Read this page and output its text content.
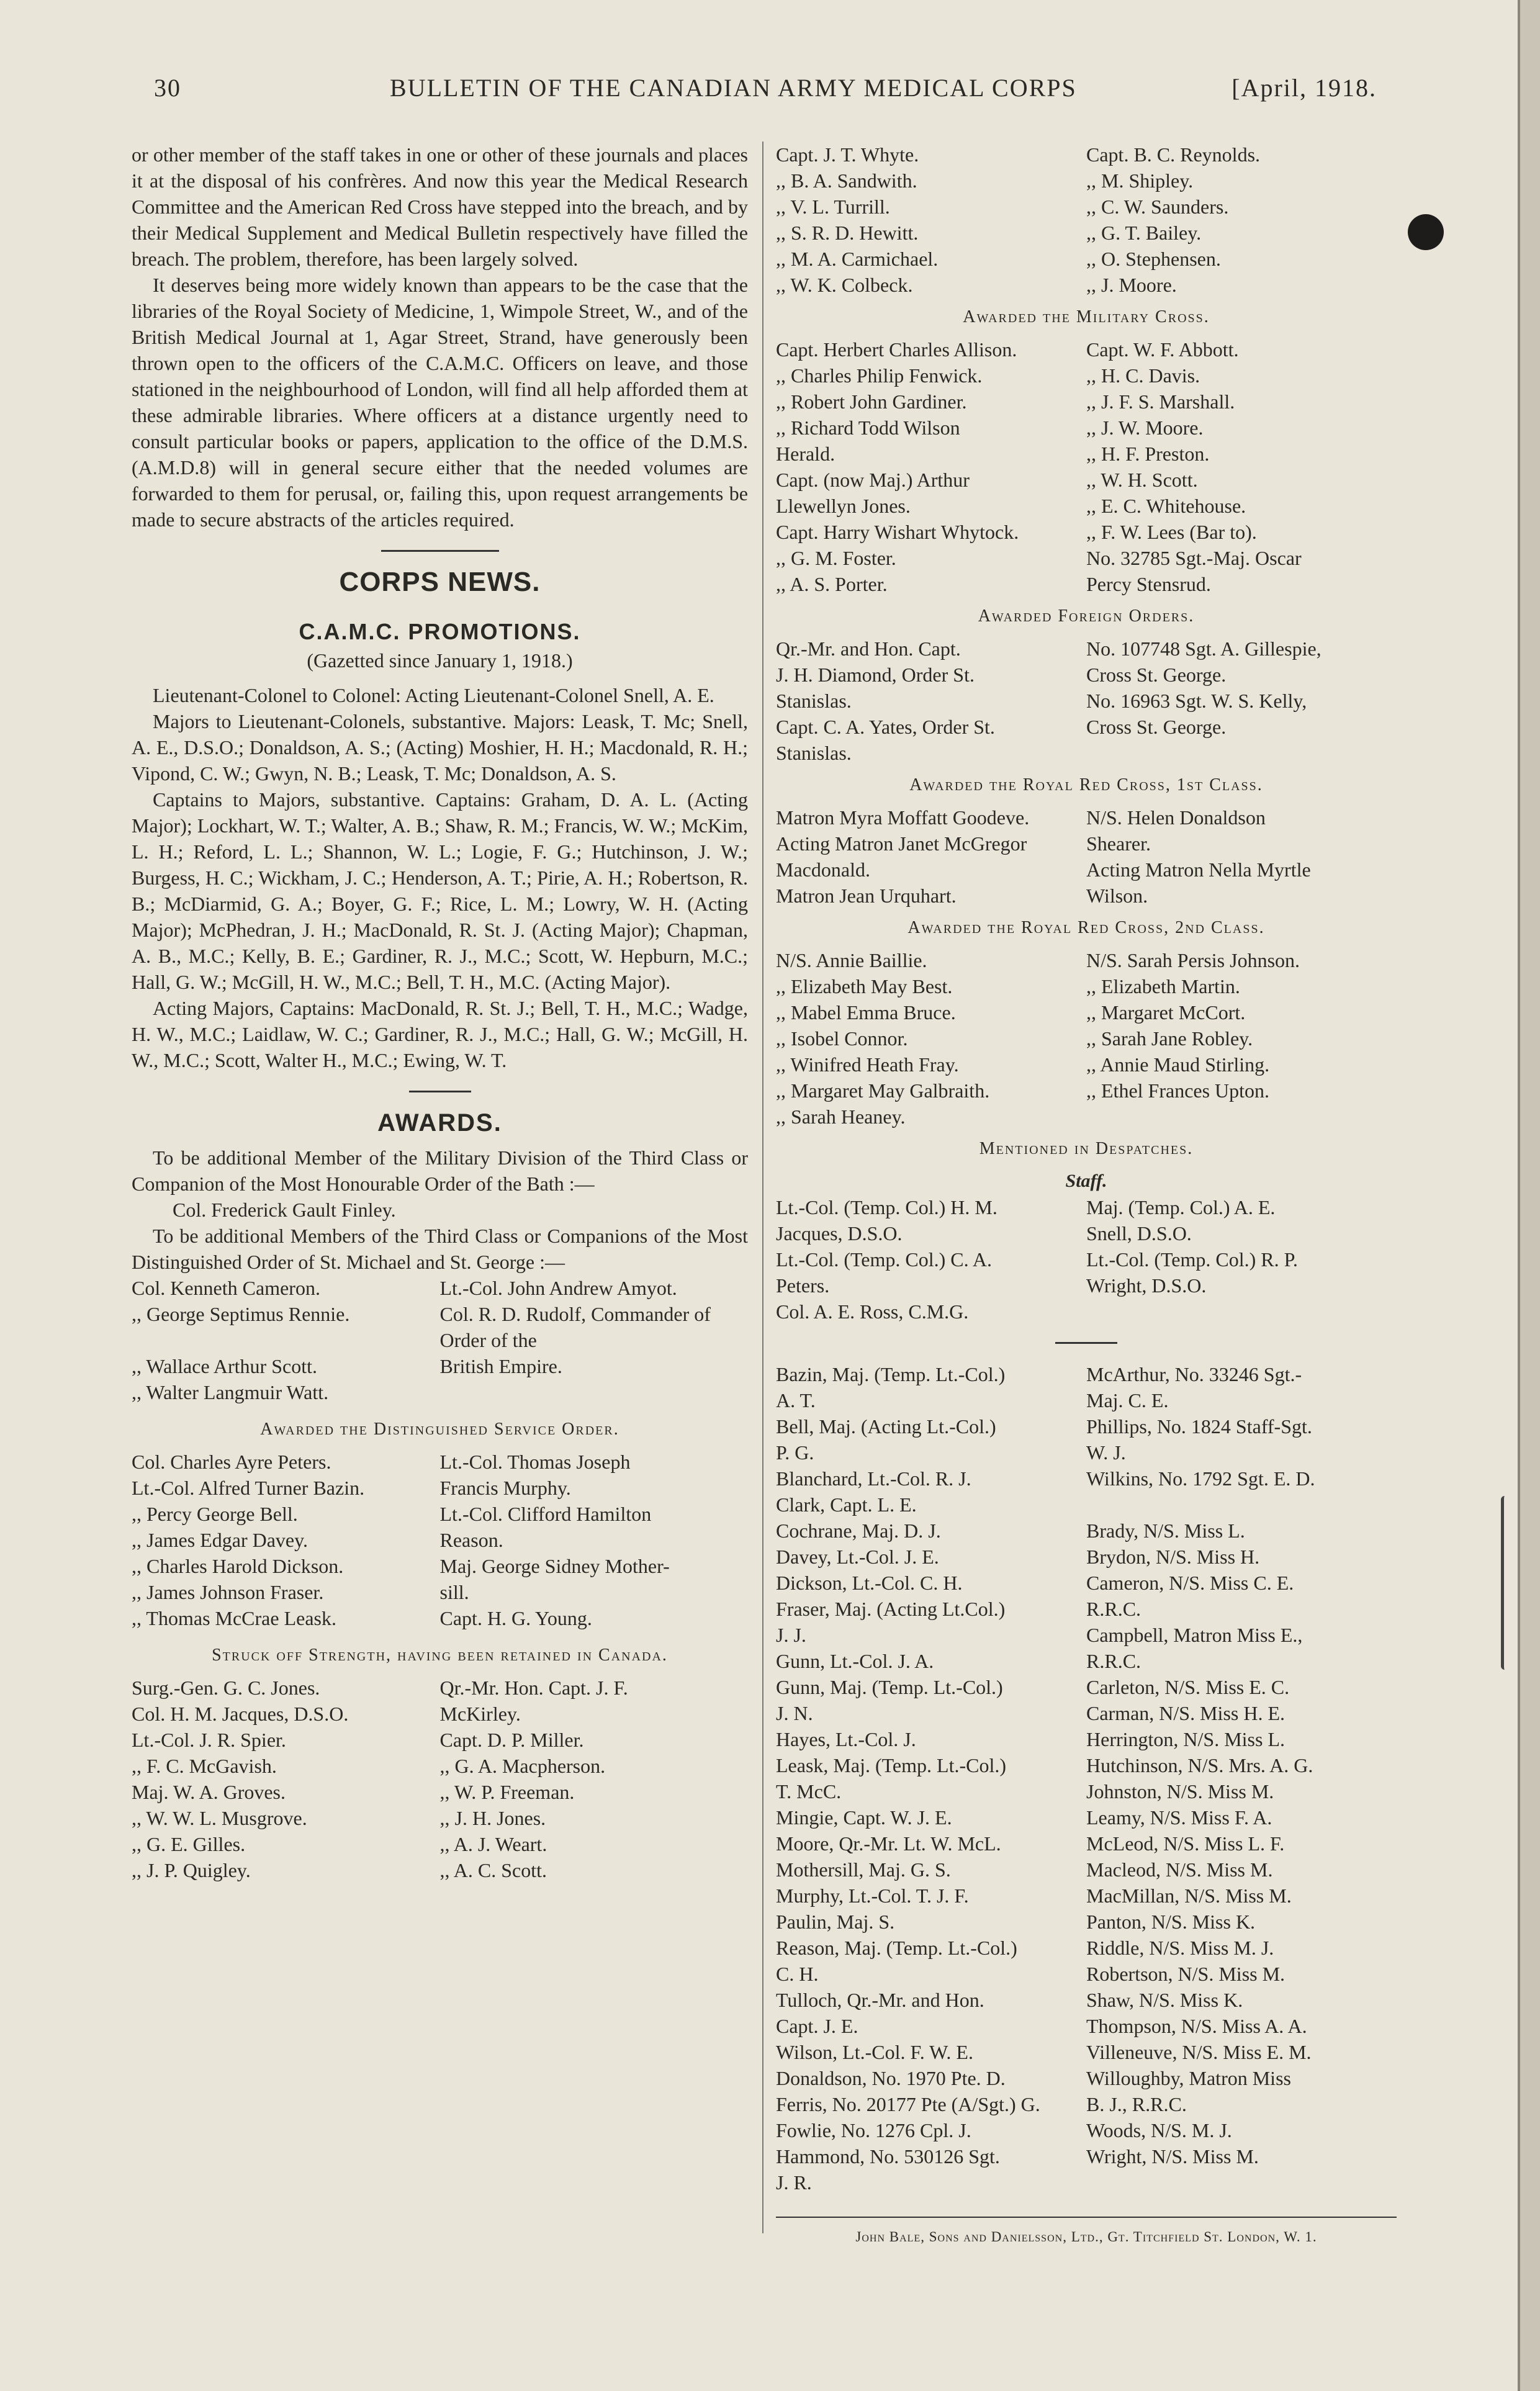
30	BULLETIN OF THE CANADIAN ARMY MEDICAL CORPS	[April, 1918.

or other member of the staff takes in one or other of these journals and places it at the disposal of his confrères. And now this year the Medical Research Committee and the American Red Cross have stepped into the breach, and by their Medical Supplement and Medical Bulletin respectively have filled the breach. The problem, therefore, has been largely solved.

It deserves being more widely known than appears to be the case that the libraries of the Royal Society of Medicine, 1, Wimpole Street, W., and of the British Medical Journal at 1, Agar Street, Strand, have generously been thrown open to the officers of the C.A.M.C. Officers on leave, and those stationed in the neighbourhood of London, will find all help afforded them at these admirable libraries. Where officers at a distance urgently need to consult particular books or papers, application to the office of the D.M.S. (A.M.D.8) will in general secure either that the needed volumes are forwarded to them for perusal, or, failing this, upon request arrangements be made to secure abstracts of the articles required.

CORPS NEWS.
C.A.M.C. PROMOTIONS.

(Gazetted since January 1, 1918.)

Lieutenant-Colonel to Colonel: Acting Lieutenant-Colonel Snell, A. E.

Majors to Lieutenant-Colonels, substantive. Majors: Leask, T. Mc; Snell, A. E., D.S.O.; Donaldson, A. S.; (Acting) Moshier, H. H.; Macdonald, R. H.; Vipond, C. W.; Gwyn, N. B.; Leask, T. Mc; Donaldson, A. S.

Captains to Majors, substantive. Captains: Graham, D. A. L. (Acting Major); Lockhart, W. T.; Walter, A. B.; Shaw, R. M.; Francis, W. W.; McKim, L. H.; Reford, L. L.; Shannon, W. L.; Logie, F. G.; Hutchinson, J. W.; Burgess, H. C.; Wickham, J. C.; Henderson, A. T.; Pirie, A. H.; Robertson, R. B.; McDiarmid, G. A.; Boyer, G. F.; Rice, L. M.; Lowry, W. H. (Acting Major); McPhedran, J. H.; MacDonald, R. St. J. (Acting Major); Chapman, A. B., M.C.; Kelly, B. E.; Gardiner, R. J., M.C.; Scott, W. Hepburn, M.C.; Hall, G. W.; McGill, H. W., M.C.; Bell, T. H., M.C. (Acting Major).

Acting Majors, Captains: MacDonald, R. St. J.; Bell, T. H., M.C.; Wadge, H. W., M.C.; Laidlaw, W. C.; Gardiner, R. J., M.C.; Hall, G. W.; McGill, H. W., M.C.; Scott, Walter H., M.C.; Ewing, W. T.

AWARDS.

To be additional Member of the Military Division of the Third Class or Companion of the Most Honourable Order of the Bath :—

Col. Frederick Gault Finley.

To be additional Members of the Third Class or Companions of the Most Distinguished Order of St. Michael and St. George :—

Col. Kenneth Cameron.	Lt.-Col. John Andrew Amyot.
,, George Septimus Rennie.	Col. R. D. Rudolf, Commander of Order of the
,, Wallace Arthur Scott.	British Empire.
,, Walter Langmuir Watt.
Awarded the Distinguished Service Order.
Col. Charles Ayre Peters.	Lt.-Col. Thomas Joseph
Lt.-Col. Alfred Turner Bazin.	Francis Murphy.
,, Percy George Bell.	Lt.-Col. Clifford Hamilton
,, James Edgar Davey.	Reason.
,, Charles Harold Dickson.	Maj. George Sidney Mother-
,, James Johnson Fraser.	sill.
,, Thomas McCrae Leask.	Capt. H. G. Young.
Struck off Strength, having been retained in Canada.
Surg.-Gen. G. C. Jones.	Qr.-Mr. Hon. Capt. J. F.
Col. H. M. Jacques, D.S.O.	McKirley.
Lt.-Col. J. R. Spier.	Capt. D. P. Miller.
,, F. C. McGavish.	,, G. A. Macpherson.
Maj. W. A. Groves.	,, W. P. Freeman.
,, W. W. L. Musgrove.	,, J. H. Jones.
,, G. E. Gilles.	,, A. J. Weart.
,, J. P. Quigley.	,, A. C. Scott.
Capt. J. T. Whyte.	Capt. B. C. Reynolds.
,, B. A. Sandwith.	,, M. Shipley.
,, V. L. Turrill.	,, C. W. Saunders.
,, S. R. D. Hewitt.	,, G. T. Bailey.
,, M. A. Carmichael.	,, O. Stephensen.
,, W. K. Colbeck.	,, J. Moore.
Awarded the Military Cross.
Capt. Herbert Charles Allison.	Capt. W. F. Abbott.
,, Charles Philip Fenwick.	,, H. C. Davis.
,, Robert John Gardiner.	,, J. F. S. Marshall.
,, Richard Todd Wilson	,, J. W. Moore.
Herald.	,, H. F. Preston.
Capt. (now Maj.) Arthur	,, W. H. Scott.
Llewellyn Jones.	,, E. C. Whitehouse.
Capt. Harry Wishart Whytock.	,, F. W. Lees (Bar to).
,, G. M. Foster.	No. 32785 Sgt.-Maj. Oscar
,, A. S. Porter.	Percy Stensrud.
Awarded Foreign Orders.
Qr.-Mr. and Hon. Capt.	No. 107748 Sgt. A. Gillespie,
J. H. Diamond, Order St.	Cross St. George.
Stanislas.	No. 16963 Sgt. W. S. Kelly,
Capt. C. A. Yates, Order St.	Cross St. George.
Stanislas.
Awarded the Royal Red Cross, 1st Class.
Matron Myra Moffatt Goodeve.	N/S. Helen Donaldson
Acting Matron Janet McGregor	Shearer.
Macdonald.	Acting Matron Nella Myrtle
Matron Jean Urquhart.	Wilson.
Awarded the Royal Red Cross, 2nd Class.
N/S. Annie Baillie.	N/S. Sarah Persis Johnson.
,, Elizabeth May Best.	,, Elizabeth Martin.
,, Mabel Emma Bruce.	,, Margaret McCort.
,, Isobel Connor.	,, Sarah Jane Robley.
,, Winifred Heath Fray.	,, Annie Maud Stirling.
,, Margaret May Galbraith.	,, Ethel Frances Upton.
,, Sarah Heaney.
Mentioned in Despatches.
Staff.
Lt.-Col. (Temp. Col.) H. M.	Maj. (Temp. Col.) A. E.
Jacques, D.S.O.	Snell, D.S.O.
Lt.-Col. (Temp. Col.) C. A.	Lt.-Col. (Temp. Col.) R. P.
Peters.	Wright, D.S.O.
Col. A. E. Ross, C.M.G.
Bazin, Maj. (Temp. Lt.-Col.)	McArthur, No. 33246 Sgt.-
A. T.	Maj. C. E.
Bell, Maj. (Acting Lt.-Col.)	Phillips, No. 1824 Staff-Sgt.
P. G.	W. J.
Blanchard, Lt.-Col. R. J.	Wilkins, No. 1792 Sgt. E. D.
Clark, Capt. L. E.
Cochrane, Maj. D. J.	Brady, N/S. Miss L.
Davey, Lt.-Col. J. E.	Brydon, N/S. Miss H.
Dickson, Lt.-Col. C. H.	Cameron, N/S. Miss C. E.
Fraser, Maj. (Acting Lt.Col.)	R.R.C.
J. J.	Campbell, Matron Miss E.,
Gunn, Lt.-Col. J. A.	R.R.C.
Gunn, Maj. (Temp. Lt.-Col.)	Carleton, N/S. Miss E. C.
J. N.	Carman, N/S. Miss H. E.
Hayes, Lt.-Col. J.	Herrington, N/S. Miss L.
Leask, Maj. (Temp. Lt.-Col.)	Hutchinson, N/S. Mrs. A. G.
T. McC.	Johnston, N/S. Miss M.
Mingie, Capt. W. J. E.	Leamy, N/S. Miss F. A.
Moore, Qr.-Mr. Lt. W. McL.	McLeod, N/S. Miss L. F.
Mothersill, Maj. G. S.	Macleod, N/S. Miss M.
Murphy, Lt.-Col. T. J. F.	MacMillan, N/S. Miss M.
Paulin, Maj. S.	Panton, N/S. Miss K.
Reason, Maj. (Temp. Lt.-Col.)	Riddle, N/S. Miss M. J.
C. H.	Robertson, N/S. Miss M.
Tulloch, Qr.-Mr. and Hon.	Shaw, N/S. Miss K.
Capt. J. E.	Thompson, N/S. Miss A. A.
Wilson, Lt.-Col. F. W. E.	Villeneuve, N/S. Miss E. M.
Donaldson, No. 1970 Pte. D.	Willoughby, Matron Miss
Ferris, No. 20177 Pte (A/Sgt.) G.	B. J., R.R.C.
Fowlie, No. 1276 Cpl. J.	Woods, N/S. M. J.
Hammond, No. 530126 Sgt.	Wright, N/S. Miss M.
J. R.
John Bale, Sons and Danielsson, Ltd., Gt. Titchfield St. London, W. 1.
